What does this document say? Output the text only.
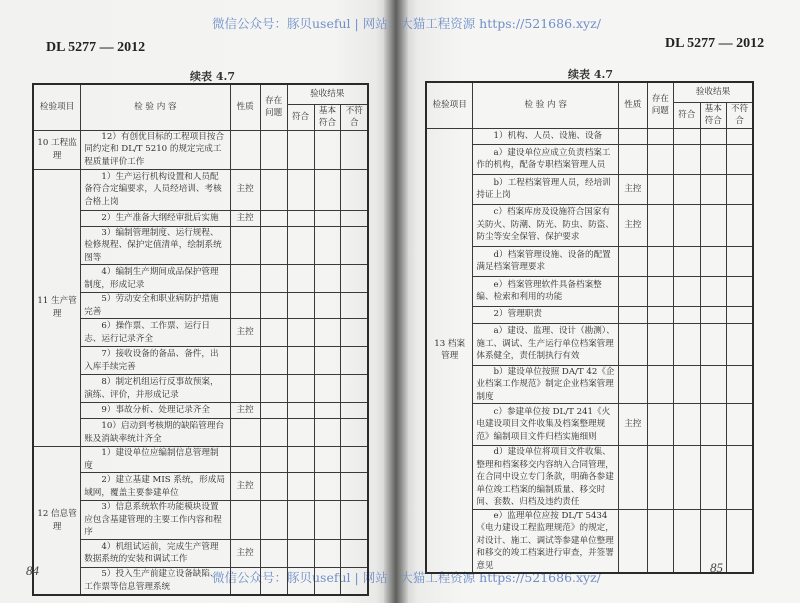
微信公众号：豚贝useful | 网站：大猫工程资源 https://521686.xyz/
微信公众号：豚贝useful | 网站：大猫工程资源 https://521686.xyz/
DL 5277 — 2012	DL 5277 — 2012
续表 4.7	续表 4.7
检验项目	检 验 内 容	性质	存在问题	验收结果		
				符合	基本符合	不符合
10 工程监理	12）有创优目标的工程项目按合同约定和 DL/T 5210 的规定完成工程质量评价工作					
11 生产管理	1）生产运行机构设置和人员配备符合定编要求，人员经培训、考核合格上岗	主控				
	2）生产准备大纲经审批后实施	主控				
	3）编制管理制度、运行规程、检修规程、保护定值清单，绘制系统图等					
	4）编制生产期间成品保护管理制度，形成记录					
	5）劳动安全和职业病防护措施完善					
	6）操作票、工作票、运行日志、运行记录齐全	主控				
	7）接收设备的备品、备件，出入库手续完善					
	8）制定机组运行反事故预案，演练、评价，并形成记录					
	9）事故分析、处理记录齐全	主控				
	10）启动到考核期的缺陷管理台账及消缺率统计齐全					
12 信息管理	1）建设单位应编制信息管理制度					
	2）建立基建 MIS 系统，形成局域网，覆盖主要参建单位	主控				
	3）信息系统软件功能模块设置应包含基建管理的主要工作内容和程序					
	4）机组试运前，完成生产管理数据系统的安装和调试工作	主控				
	5）投入生产前建立设备缺陷、工作票等信息管理系统					
检验项目	检 验 内 容	性质	存在问题	验收结果		
				符合	基本符合	不符合
13 档案管理	1）机构、人员、设施、设备					
	a）建设单位应成立负责档案工作的机构，配备专职档案管理人员					
	b）工程档案管理人员，经培训持证上岗	主控				
	c）档案库房及设施符合国家有关防火、防潮、防光、防虫、防盗、防尘等安全保管、保护要求	主控				
	d）档案管理设施、设备的配置满足档案管理要求					
	e）档案管理软件具备档案整编、检索和利用的功能					
	2）管理职责					
	a）建设、监理、设计（勘测）、施工、调试、生产运行单位档案管理体系健全，责任制执行有效					
	b）建设单位按照 DA/T 42《企业档案工作规范》制定企业档案管理制度					
	c）参建单位按 DL/T 241《火电建设项目文件收集及档案整理规范》编制项目文件归档实施细则	主控				
	d）建设单位将项目文件收集、整理和档案移交内容纳入合同管理，在合同中设立专门条款，明确各参建单位竣工档案的编制质量、移交时间、套数、归档及违约责任					
	e）监理单位应按 DL/T 5434《电力建设工程监理规范》的规定，对设计、施工、调试等参建单位整理和移交的竣工档案进行审查，并签署意见					
84	85
